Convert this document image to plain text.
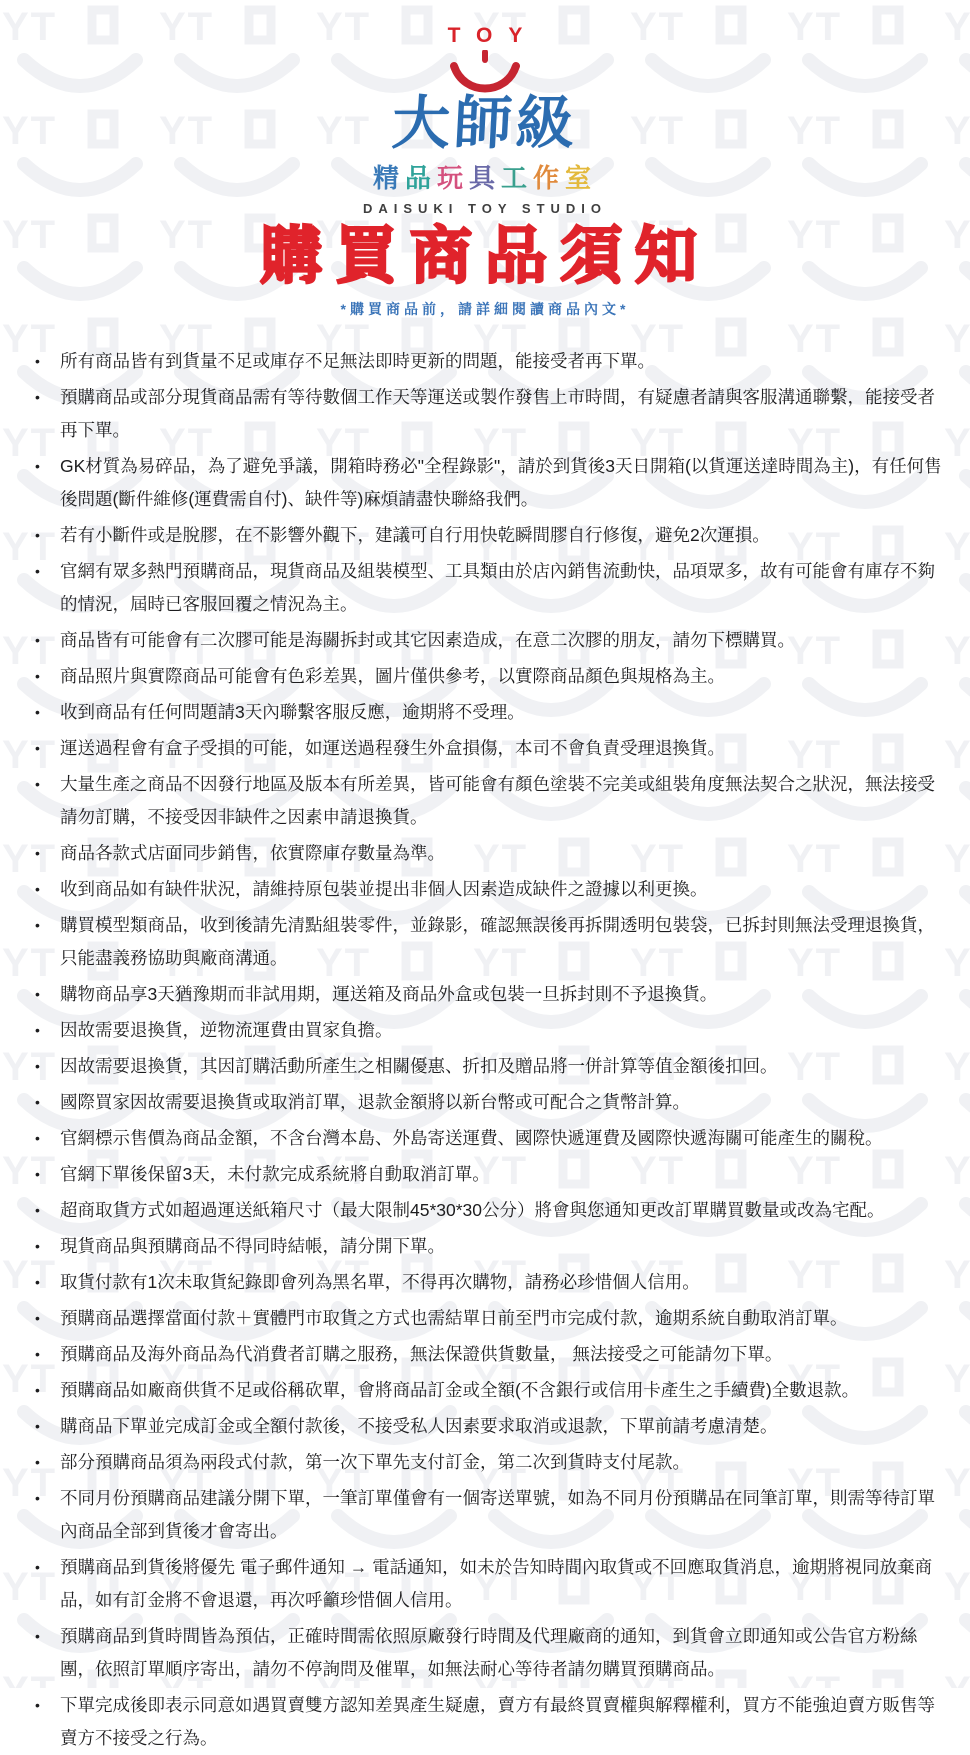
TOY
大師級
精品玩具工作室
DAISUKI TOY STUDIO
購買商品須知
*購買商品前，請詳細閱讀商品內文*
• 所有商品皆有到貨量不足或庫存不足無法即時更新的問題，能接受者再下單。
• 預購商品或部分現貨商品需有等待數個工作天等運送或製作發售上市時間，有疑慮者請與客服溝通聯繫，能接受者再下單。
• GK材質為易碎品，為了避免爭議，開箱時務必"全程錄影"，請於到貨後3天日開箱(以貨運送達時間為主)，有任何售後問題(斷件維修(運費需自付)、缺件等)麻煩請盡快聯絡我們。
• 若有小斷件或是脫膠，在不影響外觀下，建議可自行用快乾瞬間膠自行修復，避免2次運損。
• 官網有眾多熱門預購商品，現貨商品及組裝模型、工具類由於店內銷售流動快，品項眾多，故有可能會有庫存不夠的情況，屆時已客服回覆之情況為主。
• 商品皆有可能會有二次膠可能是海關拆封或其它因素造成，在意二次膠的朋友，請勿下標購買。
• 商品照片與實際商品可能會有色彩差異，圖片僅供參考，以實際商品顏色與規格為主。
• 收到商品有任何問題請3天內聯繫客服反應，逾期將不受理。
• 運送過程會有盒子受損的可能，如運送過程發生外盒損傷，本司不會負責受理退換貨。
• 大量生產之商品不因發行地區及版本有所差異，皆可能會有顏色塗裝不完美或組裝角度無法契合之狀況，無法接受請勿訂購，不接受因非缺件之因素申請退換貨。
• 商品各款式店面同步銷售，依實際庫存數量為準。
• 收到商品如有缺件狀況，請維持原包裝並提出非個人因素造成缺件之證據以利更換。
• 購買模型類商品，收到後請先清點組裝零件，並錄影，確認無誤後再拆開透明包裝袋，已拆封則無法受理退換貨，只能盡義務協助與廠商溝通。
• 購物商品享3天猶豫期而非試用期，運送箱及商品外盒或包裝一旦拆封則不予退換貨。
• 因故需要退換貨，逆物流運費由買家負擔。
• 因故需要退換貨，其因訂購活動所產生之相關優惠、折扣及贈品將一併計算等值金額後扣回。
• 國際買家因故需要退換貨或取消訂單，退款金額將以新台幣或可配合之貨幣計算。
• 官網標示售價為商品金額，不含台灣本島、外島寄送運費、國際快遞運費及國際快遞海關可能產生的關稅。
• 官網下單後保留3天，未付款完成系統將自動取消訂單。
• 超商取貨方式如超過運送紙箱尺寸（最大限制45*30*30公分）將會與您通知更改訂單購買數量或改為宅配。
• 現貨商品與預購商品不得同時結帳，請分開下單。
• 取貨付款有1次未取貨紀錄即會列為黑名單，不得再次購物，請務必珍惜個人信用。
• 預購商品選擇當面付款＋實體門市取貨之方式也需結單日前至門市完成付款，逾期系統自動取消訂單。
• 預購商品及海外商品為代消費者訂購之服務，無法保證供貨數量， 無法接受之可能請勿下單。
• 預購商品如廠商供貨不足或俗稱砍單，會將商品訂金或全額(不含銀行或信用卡產生之手續費)全數退款。
• 購商品下單並完成訂金或全額付款後，不接受私人因素要求取消或退款，下單前請考慮清楚。
• 部分預購商品須為兩段式付款，第一次下單先支付訂金，第二次到貨時支付尾款。
• 不同月份預購商品建議分開下單，一筆訂單僅會有一個寄送單號，如為不同月份預購品在同筆訂單，則需等待訂單內商品全部到貨後才會寄出。
• 預購商品到貨後將優先 電子郵件通知 → 電話通知，如未於告知時間內取貨或不回應取貨消息，逾期將視同放棄商品，如有訂金將不會退還，再次呼籲珍惜個人信用。
• 預購商品到貨時間皆為預估，正確時間需依照原廠發行時間及代理廠商的通知，到貨會立即通知或公告官方粉絲團，依照訂單順序寄出，請勿不停詢問及催單，如無法耐心等待者請勿購買預購商品。
• 下單完成後即表示同意如遇買賣雙方認知差異產生疑慮，賣方有最終買賣權與解釋權利，買方不能強迫賣方販售等賣方不接受之行為。
